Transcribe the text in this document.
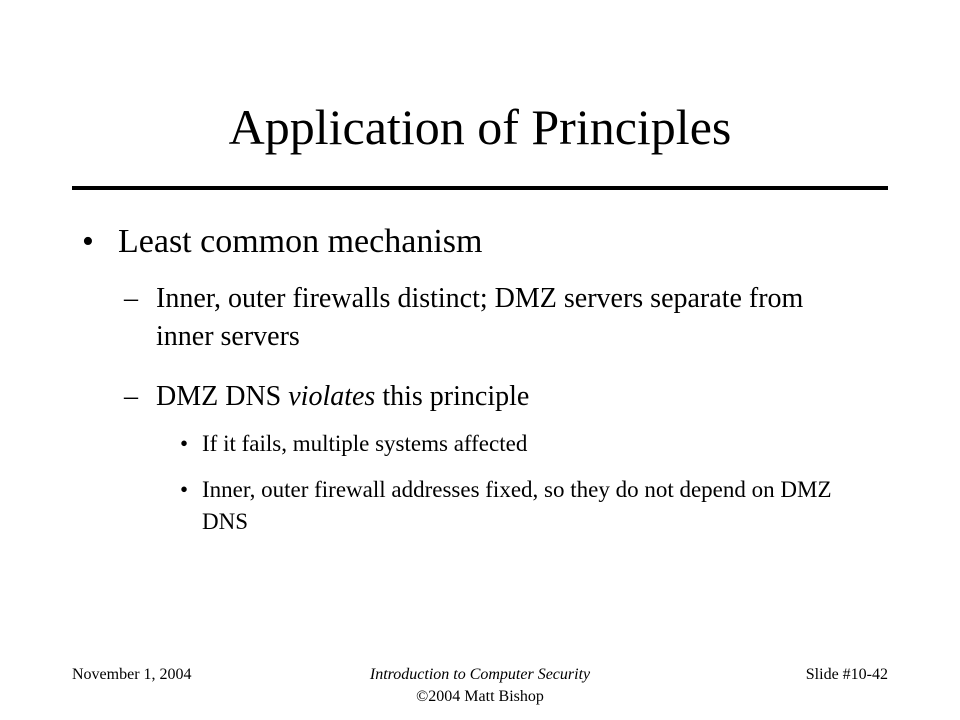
Application of Principles
• Least common mechanism
– Inner, outer firewalls distinct; DMZ servers separate from inner servers
– DMZ DNS violates this principle
• If it fails, multiple systems affected
• Inner, outer firewall addresses fixed, so they do not depend on DMZ DNS
November 1, 2004	Introduction to Computer Security
©2004 Matt Bishop
Slide #10-42
